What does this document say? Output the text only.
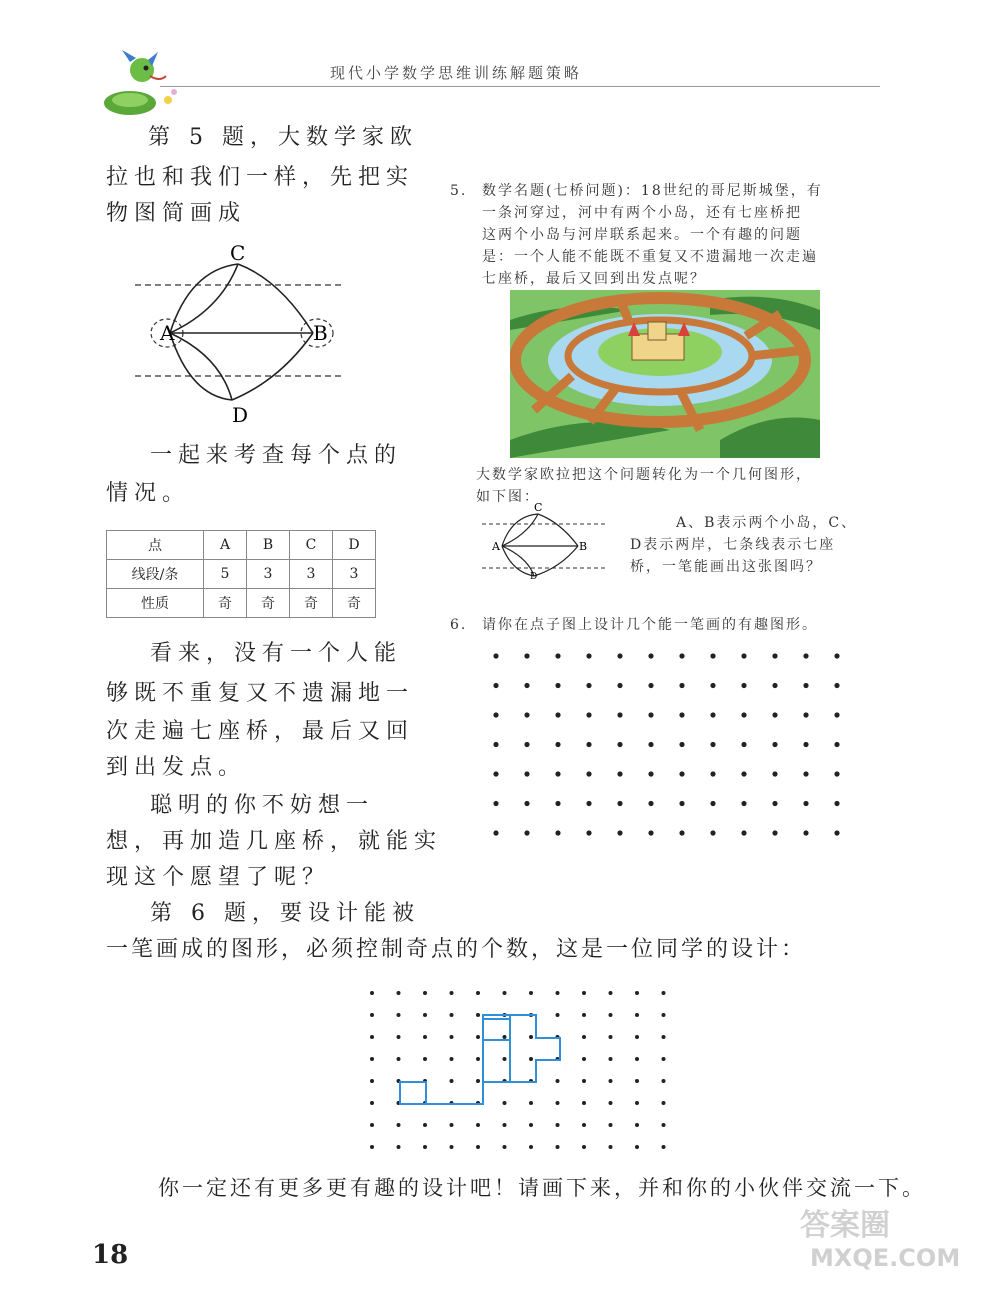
现代小学数学思维训练解题策略
第 5 题，大数学家欧
拉也和我们一样，先把实
物图简画成
C
A	B
D
一起来考查每个点的
情况。
点	A	B	C	D
线段/条	5	3	3	3
性质	奇	奇	奇	奇
看来，没有一个人能
够既不重复又不遗漏地一
次走遍七座桥，最后又回
到出发点。
聪明的你不妨想一
想，再加造几座桥，就能实
现这个愿望了呢？
第 6 题，要设计能被
一笔画成的图形，必须控制奇点的个数，这是一位同学的设计：
5. 数学名题(七桥问题)：18世纪的哥尼斯城堡，有
一条河穿过，河中有两个小岛，还有七座桥把
这两个小岛与河岸联系起来。一个有趣的问题
是：一个人能不能既不重复又不遗漏地一次走遍
七座桥，最后又回到出发点呢？
大数学家欧拉把这个问题转化为一个几何图形，
如下图：
C
A	B
D
A、B表示两个小岛，C、
D表示两岸，七条线表示七座
桥，一笔能画出这张图吗？
6. 请你在点子图上设计几个能一笔画的有趣图形。
你一定还有更多更有趣的设计吧！请画下来，并和你的小伙伴交流一下。
18
答案圈
MXQE.COM
